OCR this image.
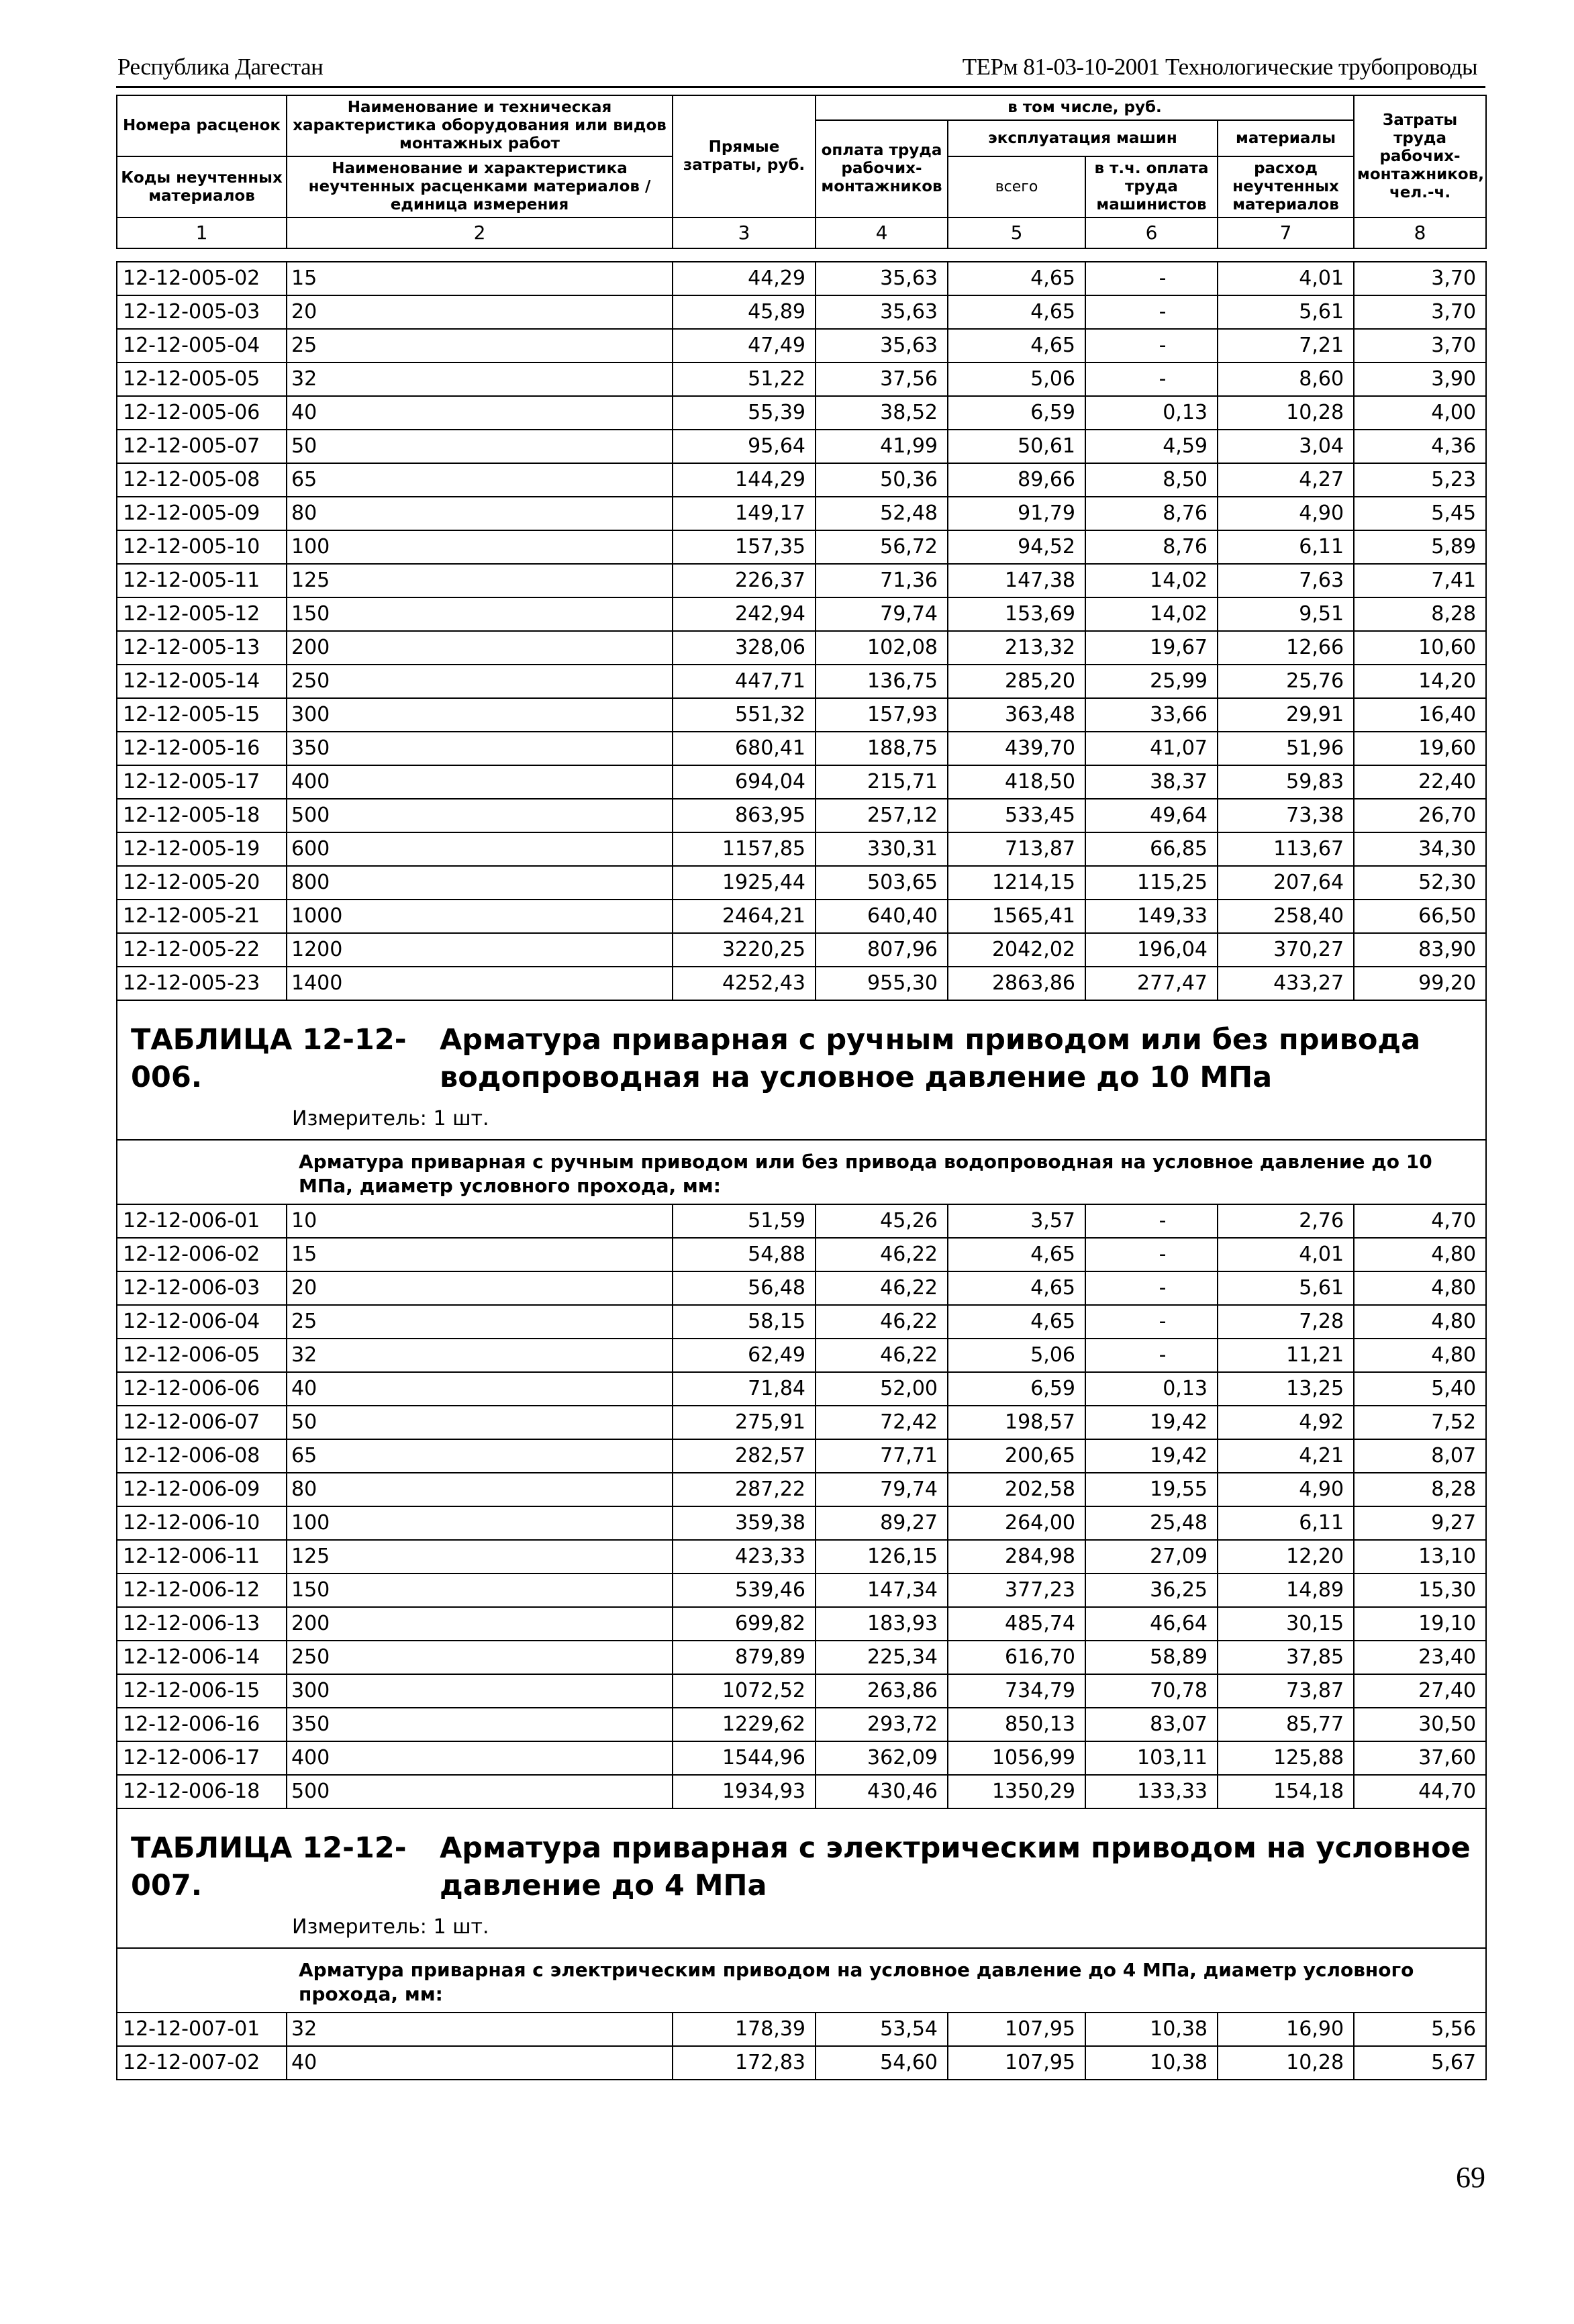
Республика Дагестан	ТЕРм 81-03-10-2001 Технологические трубопроводы
Номера расценок	Наименование и техническая характеристика оборудования или видов монтажных работ	Прямые затраты, руб.	в том числе, руб.				Затраты труда рабочих-монтажников, чел.-ч.
			оплата труда рабочих-монтажников	эксплуатация машин		материалы	
Коды неучтенных материалов	Наименование и характеристика неучтенных расценками материалов / единица измерения						
				всего	в т.ч. оплата труда машинистов	расход неучтенных материалов	

1	2	3	4	5	6	7	8

12-12-005-02	15	44,29	35,63	4,65	-	4,01	3,70
12-12-005-03	20	45,89	35,63	4,65	-	5,61	3,70
12-12-005-04	25	47,49	35,63	4,65	-	7,21	3,70
12-12-005-05	32	51,22	37,56	5,06	-	8,60	3,90
12-12-005-06	40	55,39	38,52	6,59	0,13	10,28	4,00
12-12-005-07	50	95,64	41,99	50,61	4,59	3,04	4,36
12-12-005-08	65	144,29	50,36	89,66	8,50	4,27	5,23
12-12-005-09	80	149,17	52,48	91,79	8,76	4,90	5,45
12-12-005-10	100	157,35	56,72	94,52	8,76	6,11	5,89
12-12-005-11	125	226,37	71,36	147,38	14,02	7,63	7,41
12-12-005-12	150	242,94	79,74	153,69	14,02	9,51	8,28
12-12-005-13	200	328,06	102,08	213,32	19,67	12,66	10,60
12-12-005-14	250	447,71	136,75	285,20	25,99	25,76	14,20
12-12-005-15	300	551,32	157,93	363,48	33,66	29,91	16,40
12-12-005-16	350	680,41	188,75	439,70	41,07	51,96	19,60
12-12-005-17	400	694,04	215,71	418,50	38,37	59,83	22,40
12-12-005-18	500	863,95	257,12	533,45	49,64	73,38	26,70
12-12-005-19	600	1157,85	330,31	713,87	66,85	113,67	34,30
12-12-005-20	800	1925,44	503,65	1214,15	115,25	207,64	52,30
12-12-005-21	1000	2464,21	640,40	1565,41	149,33	258,40	66,50
12-12-005-22	1200	3220,25	807,96	2042,02	196,04	370,27	83,90
12-12-005-23	1400	4252,43	955,30	2863,86	277,47	433,27	99,20

ТАБЛИЦА 12-12-006.
Арматура приварная с ручным приводом или без привода водопроводная на условное давление до 10 МПа
Измеритель: 1 шт.							

Арматура приварная с ручным приводом или без привода водопроводная на условное давление до 10 МПа, диаметр условного прохода, мм:							
12-12-006-01	10	51,59	45,26	3,57	-	2,76	4,70
12-12-006-02	15	54,88	46,22	4,65	-	4,01	4,80
12-12-006-03	20	56,48	46,22	4,65	-	5,61	4,80
12-12-006-04	25	58,15	46,22	4,65	-	7,28	4,80
12-12-006-05	32	62,49	46,22	5,06	-	11,21	4,80
12-12-006-06	40	71,84	52,00	6,59	0,13	13,25	5,40
12-12-006-07	50	275,91	72,42	198,57	19,42	4,92	7,52
12-12-006-08	65	282,57	77,71	200,65	19,42	4,21	8,07
12-12-006-09	80	287,22	79,74	202,58	19,55	4,90	8,28
12-12-006-10	100	359,38	89,27	264,00	25,48	6,11	9,27
12-12-006-11	125	423,33	126,15	284,98	27,09	12,20	13,10
12-12-006-12	150	539,46	147,34	377,23	36,25	14,89	15,30
12-12-006-13	200	699,82	183,93	485,74	46,64	30,15	19,10
12-12-006-14	250	879,89	225,34	616,70	58,89	37,85	23,40
12-12-006-15	300	1072,52	263,86	734,79	70,78	73,87	27,40
12-12-006-16	350	1229,62	293,72	850,13	83,07	85,77	30,50
12-12-006-17	400	1544,96	362,09	1056,99	103,11	125,88	37,60
12-12-006-18	500	1934,93	430,46	1350,29	133,33	154,18	44,70

ТАБЛИЦА 12-12-007.
Арматура приварная с электрическим приводом на условное давление до 4 МПа
Измеритель: 1 шт.							

Арматура приварная с электрическим приводом на условное давление до 4 МПа, диаметр условного прохода, мм:							
12-12-007-01	32	178,39	53,54	107,95	10,38	16,90	5,56
12-12-007-02	40	172,83	54,60	107,95	10,38	10,28	5,67
69
